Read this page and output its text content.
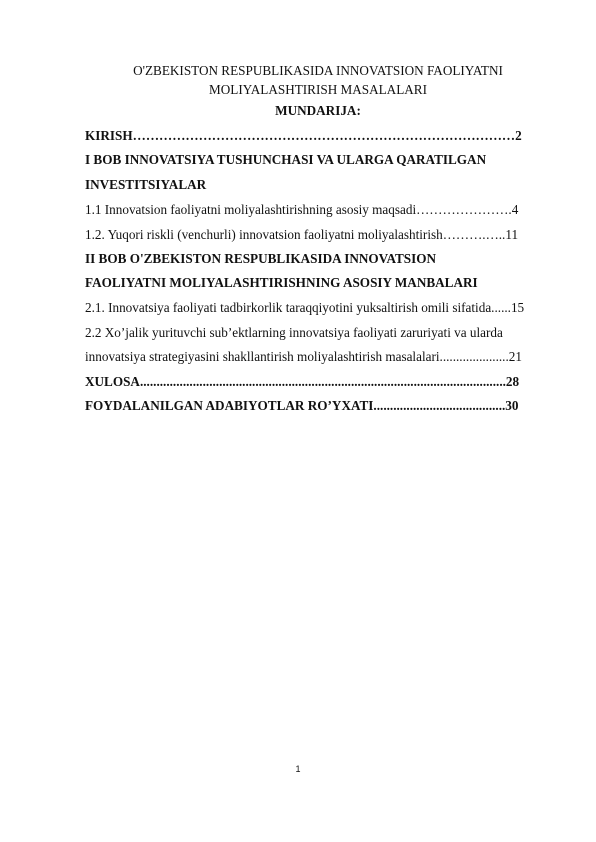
O'ZBEKISTON RESPUBLIKASIDA INNOVATSION FAOLIYATNI
MOLIYALASHTIRISH MASALALARI
MUNDARIJA:
KIRISH……………………………………………………………………………2
I BOB INNOVATSIYA TUSHUNCHASI VA ULARGA QARATILGAN
INVESTITSIYALAR
1.1 Innovatsion faoliyatni moliyalashtirishning asosiy maqsadi………………….4
1.2. Yuqori riskli (venchurli) innovatsion faoliyatni moliyalashtirish……….…..11
II BOB O'ZBEKISTON RESPUBLIKASIDA INNOVATSION
FAOLIYATNI MOLIYALASHTIRISHNING ASOSIY MANBALARI
2.1. Innovatsiya faoliyati tadbirkorlik taraqqiyotini yuksaltirish omili sifatida......15
2.2 Xo’jalik yurituvchi sub’ektlarning innovatsiya faoliyati zaruriyati va ularda
innovatsiya strategiyasini shakllantirish moliyalashtirish masalalari.....................21
XULOSA...............................................................................................................28
FOYDALANILGAN ADABIYOTLAR RO’YXATI........................................30
1
